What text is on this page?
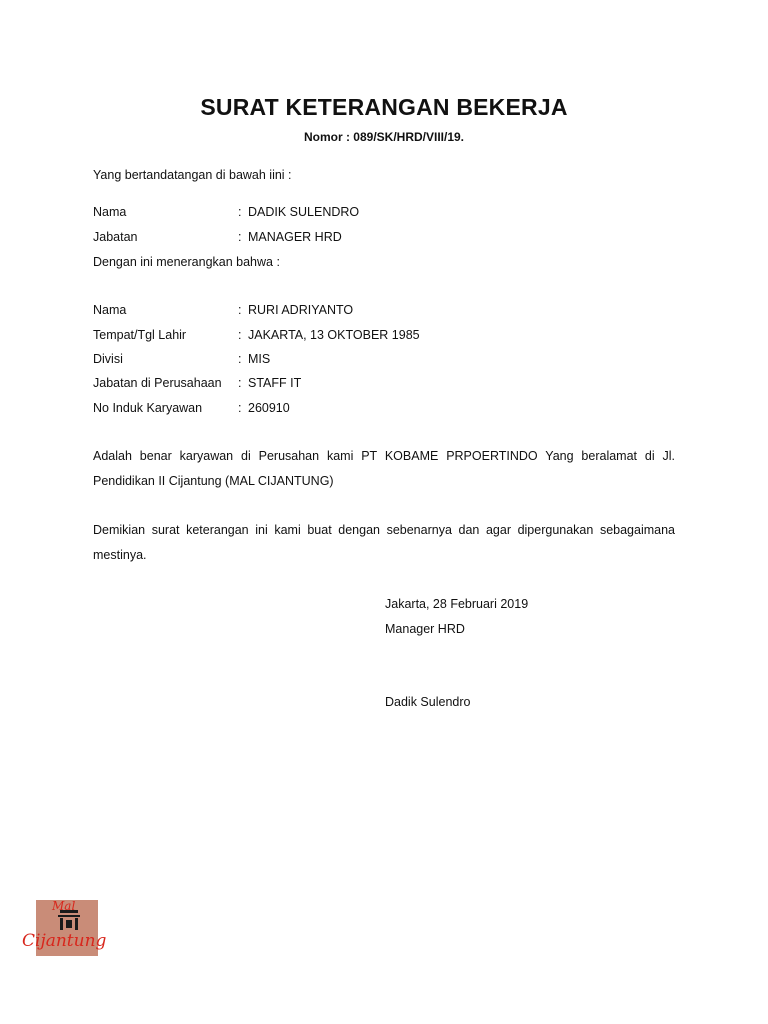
SURAT KETERANGAN BEKERJA
Nomor : 089/SK/HRD/VIII/19.
Yang bertandatangan di bawah iini :
Nama	: DADIK SULENDRO
Jabatan	: MANAGER HRD
Dengan ini menerangkan bahwa :
Nama	: RURI ADRIYANTO
Tempat/Tgl Lahir	: JAKARTA, 13 OKTOBER 1985
Divisi	: MIS
Jabatan di Perusahaan : STAFF IT
No Induk Karyawan	: 260910
Adalah benar karyawan di Perusahan kami PT KOBAME PRPOERTINDO Yang beralamat di Jl. Pendidikan II Cijantung (MAL CIJANTUNG)
Demikian surat keterangan ini kami buat dengan sebenarnya dan agar dipergunakan sebagaimana mestinya.
Jakarta, 28 Februari 2019
Manager HRD
Dadik Sulendro
Mal
Cijantung
